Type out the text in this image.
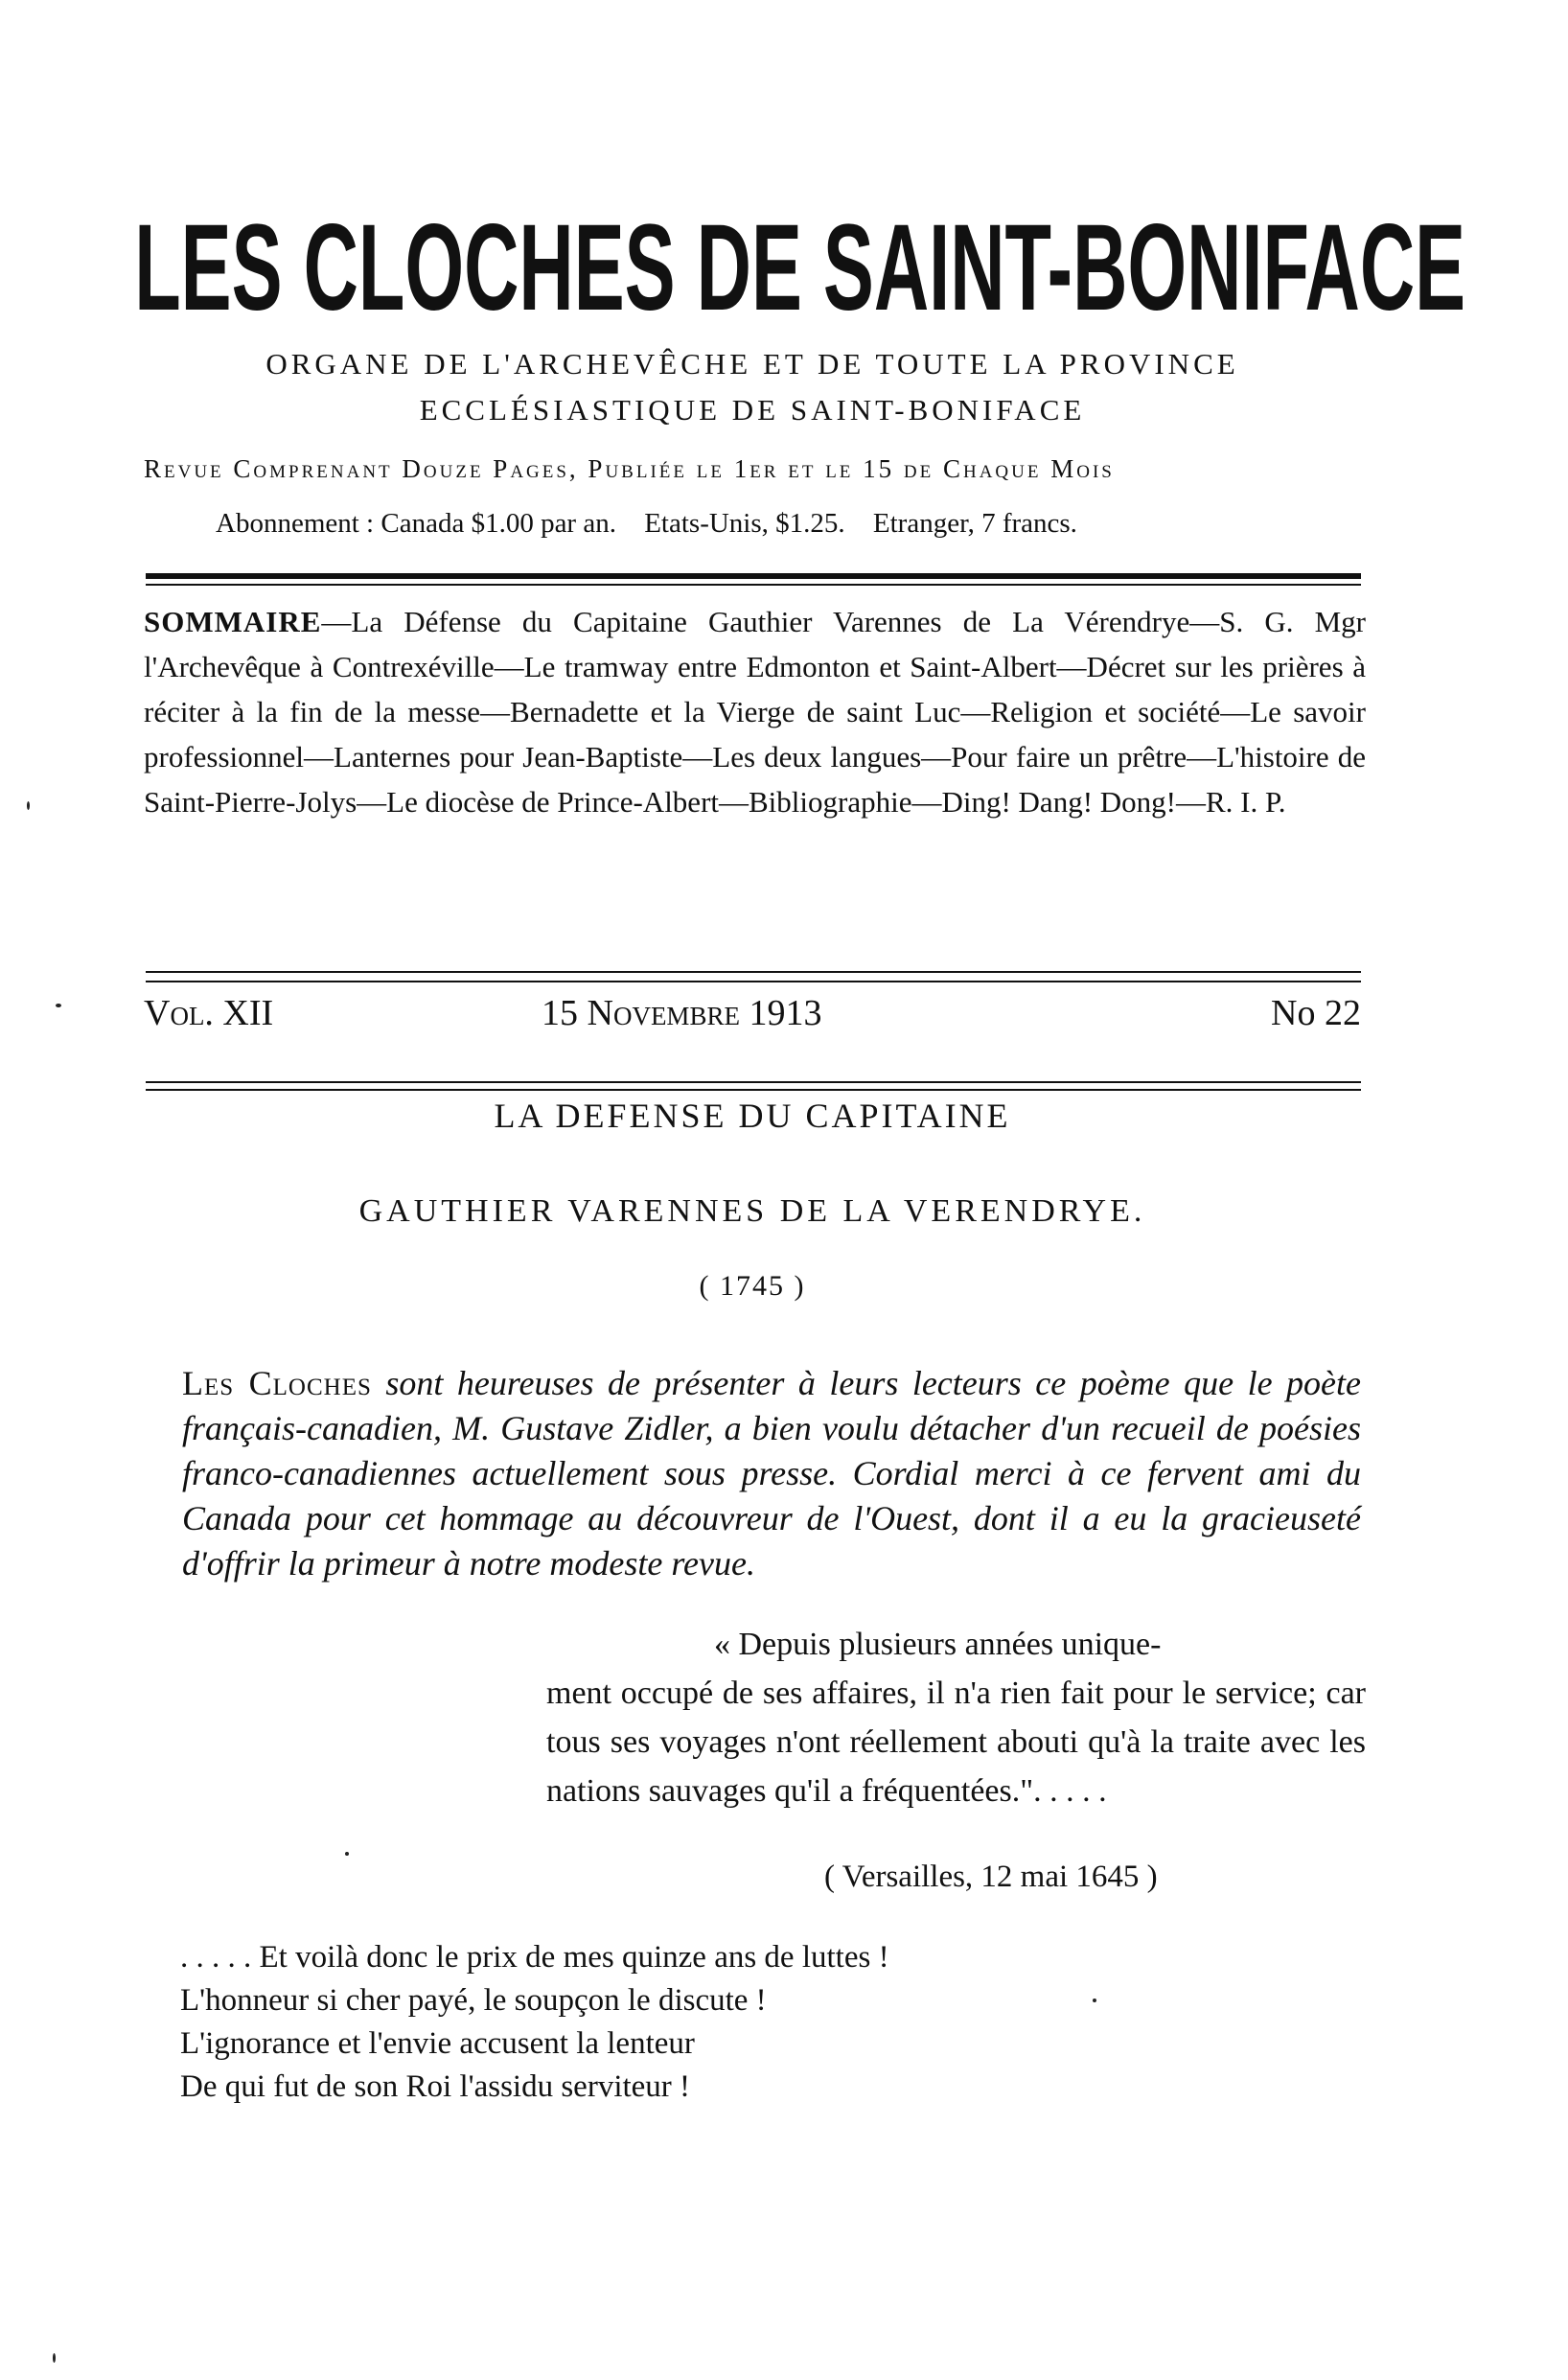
LES CLOCHES DE SAINT-BONIFACE
ORGANE DE L'ARCHEVÊCHE ET DE TOUTE LA PROVINCE
ECCLÉSIASTIQUE DE SAINT-BONIFACE
Revue Comprenant Douze Pages, Publiée le 1er et le 15 de Chaque Mois
Abonnement : Canada $1.00 par an. Etats-Unis, $1.25. Etranger, 7 francs.
SOMMAIRE—La Défense du Capitaine Gauthier Varennes de La Vérendrye—S. G. Mgr l'Archevêque à Contrexéville—Le tramway entre Edmonton et Saint-Albert—Décret sur les prières à réciter à la fin de la messe—Bernadette et la Vierge de saint Luc—Religion et société—Le savoir professionnel—Lanternes pour Jean-Baptiste—Les deux langues—Pour faire un prêtre—L'histoire de Saint-Pierre-Jolys—Le diocèse de Prince-Albert—Bibliographie—Ding! Dang! Dong!—R. I. P.
Vol. XII	15 Novembre 1913	No 22
LA DEFENSE DU CAPITAINE
GAUTHIER VARENNES DE LA VERENDRYE.
( 1745 )
Les Cloches sont heureuses de présenter à leurs lecteurs ce poème que le poète français-canadien, M. Gustave Zidler, a bien voulu détacher d'un recueil de poésies franco-canadiennes actuellement sous presse. Cordial merci à ce fervent ami du Canada pour cet hommage au découvreur de l'Ouest, dont il a eu la gracieuseté d'offrir la primeur à notre modeste revue.
« Depuis plusieurs années unique-
ment occupé de ses affaires, il n'a rien fait pour le service; car tous ses voyages n'ont réellement abouti qu'à la traite avec les nations sauvages qu'il a fréquentées.". . . . .
( Versailles, 12 mai 1645 )
. . . . . Et voilà donc le prix de mes quinze ans de luttes !
L'honneur si cher payé, le soupçon le discute !
L'ignorance et l'envie accusent la lenteur
De qui fut de son Roi l'assidu serviteur !
